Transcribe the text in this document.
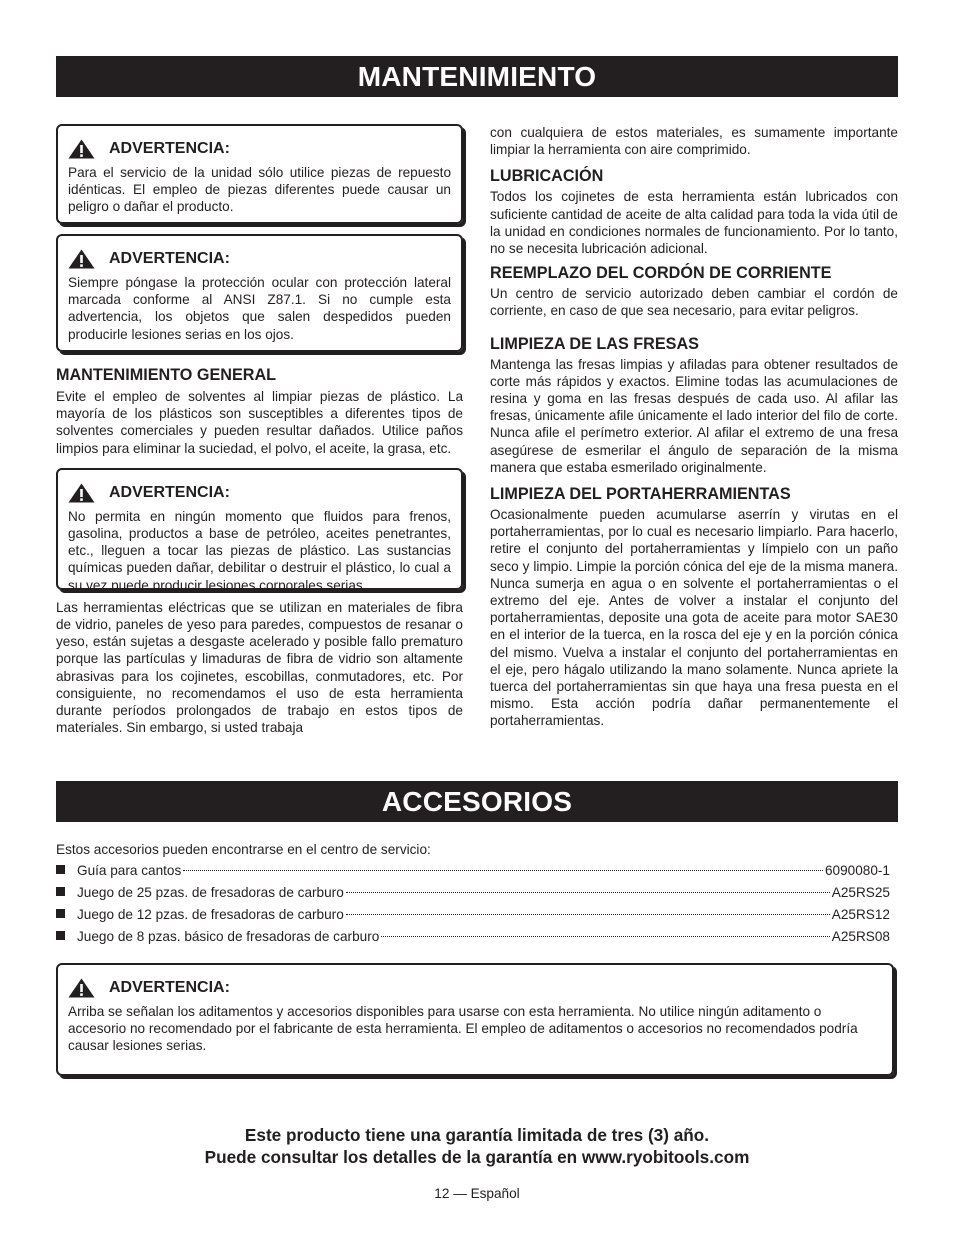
MANTENIMIENTO
ADVERTENCIA:
Para el servicio de la unidad sólo utilice piezas de repuesto idénticas. El empleo de piezas diferentes puede causar un peligro o dañar el producto.
ADVERTENCIA:
Siempre póngase la protección ocular con protección lateral marcada conforme al ANSI Z87.1. Si no cumple esta advertencia, los objetos que salen despedidos pueden producirle lesiones serias en los ojos.
MANTENIMIENTO GENERAL

Evite el empleo de solventes al limpiar piezas de plástico. La mayoría de los plásticos son susceptibles a diferentes tipos de solventes comerciales y pueden resultar dañados. Utilice paños limpios para eliminar la suciedad, el polvo, el aceite, la grasa, etc.

ADVERTENCIA:
No permita en ningún momento que fluidos para frenos, gasolina, productos a base de petróleo, aceites penetrantes, etc., lleguen a tocar las piezas de plástico. Las sustancias químicas pueden dañar, debilitar o destruir el plástico, lo cual a su vez puede producir lesiones corporales serias.

Las herramientas eléctricas que se utilizan en materiales de fibra de vidrio, paneles de yeso para paredes, compuestos de resanar o yeso, están sujetas a desgaste acelerado y posible fallo prematuro porque las partículas y limaduras de fibra de vidrio son altamente abrasivas para los cojinetes, escobillas, conmutadores, etc. Por consiguiente, no recomendamos el uso de esta herramienta durante períodos prolongados de trabajo en estos tipos de materiales. Sin embargo, si usted trabaja

con cualquiera de estos materiales, es sumamente importante limpiar la herramienta con aire comprimido.

LUBRICACIÓN

Todos los cojinetes de esta herramienta están lubricados con suficiente cantidad de aceite de alta calidad para toda la vida útil de la unidad en condiciones normales de funcionamiento. Por lo tanto, no se necesita lubricación adicional.

REEMPLAZO DEL CORDÓN DE CORRIENTE

Un centro de servicio autorizado deben cambiar el cordón de corriente, en caso de que sea necesario, para evitar peligros.

LIMPIEZA DE LAS FRESAS

Mantenga las fresas limpias y afiladas para obtener resultados de corte más rápidos y exactos. Elimine todas las acumulaciones de resina y goma en las fresas después de cada uso. Al afilar las fresas, únicamente afile únicamente el lado interior del filo de corte. Nunca afile el perímetro exterior. Al afilar el extremo de una fresa asegúrese de esmerilar el ángulo de separación de la misma manera que estaba esmerilado originalmente.

LIMPIEZA DEL PORTAHERRAMIENTAS

Ocasionalmente pueden acumularse aserrín y virutas en el portaherramientas, por lo cual es necesario limpiarlo. Para hacerlo, retire el conjunto del portaherramientas y límpielo con un paño seco y limpio. Limpie la porción cónica del eje de la misma manera. Nunca sumerja en agua o en solvente el portaherramientas o el extremo del eje. Antes de volver a instalar el conjunto del portaherramientas, deposite una gota de aceite para motor SAE30 en el interior de la tuerca, en la rosca del eje y en la porción cónica del mismo. Vuelva a instalar el conjunto del portaherramientas en el eje, pero hágalo utilizando la mano solamente. Nunca apriete la tuerca del portaherramientas sin que haya una fresa puesta en el mismo. Esta acción podría dañar permanentemente el portaherramientas.

ACCESORIOS
Estos accesorios pueden encontrarse en el centro de servicio:
Guía para cantos	6090080-1
Juego de 25 pzas. de fresadoras de carburo	A25RS25
Juego de 12 pzas. de fresadoras de carburo	A25RS12
Juego de 8 pzas. básico de fresadoras de carburo	A25RS08
ADVERTENCIA:
Arriba se señalan los aditamentos y accesorios disponibles para usarse con esta herramienta. No utilice ningún aditamento o accesorio no recomendado por el fabricante de esta herramienta. El empleo de aditamentos o accesorios no recomendados podría causar lesiones serias.
Este producto tiene una garantía limitada de tres (3) año.
Puede consultar los detalles de la garantía en www.ryobitools.com
12 — Español
